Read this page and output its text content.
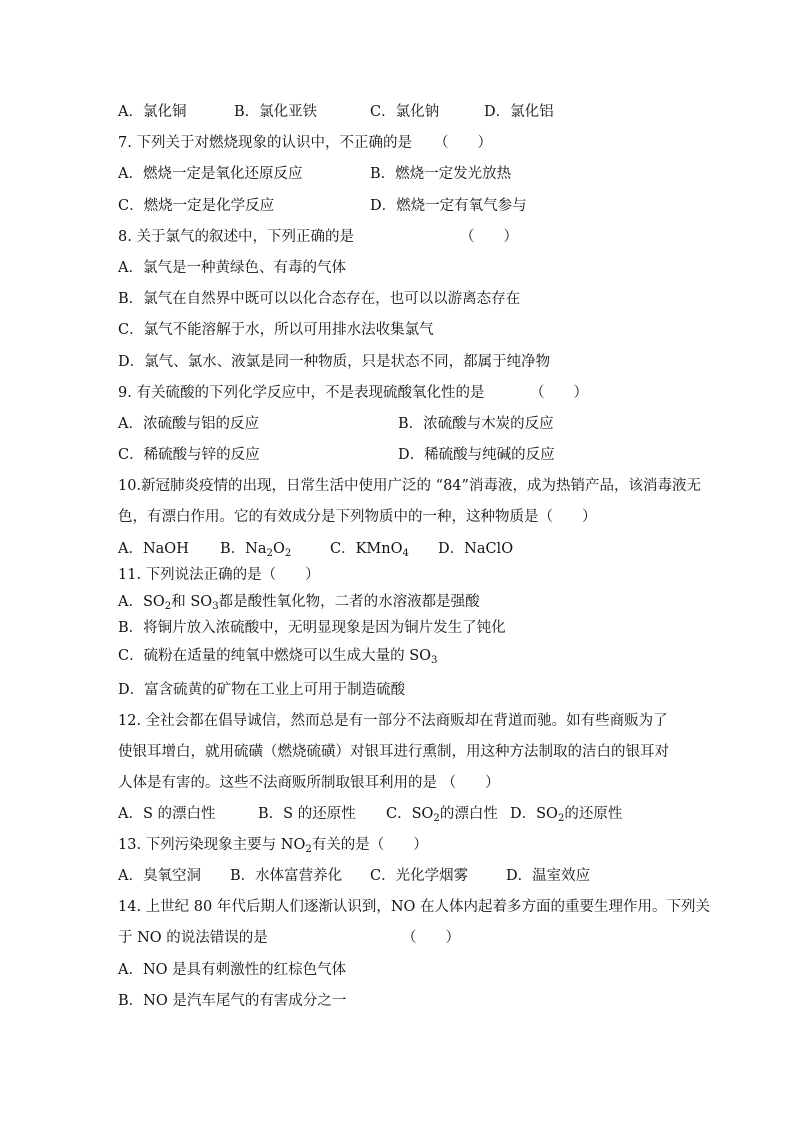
A．氯化铜	B．氯化亚铁	C．氯化钠	D．氯化铝
7. 下列关于对燃烧现象的认识中，不正确的是 （　　）
A．燃烧一定是氧化还原反应	B．燃烧一定发光放热
C．燃烧一定是化学反应	D．燃烧一定有氧气参与
8. 关于氯气的叙述中，下列正确的是	（　　）
A．氯气是一种黄绿色、有毒的气体
B．氯气在自然界中既可以以化合态存在，也可以以游离态存在
C．氯气不能溶解于水，所以可用排水法收集氯气
D．氯气、氯水、液氯是同一种物质，只是状态不同，都属于纯净物
9. 有关硫酸的下列化学反应中，不是表现硫酸氧化性的是	（　　）
A．浓硫酸与铝的反应	B．浓硫酸与木炭的反应
C．稀硫酸与锌的反应	D．稀硫酸与纯碱的反应
10.新冠肺炎疫情的出现，日常生活中使用广泛的 “84”消毒液，成为热销产品，该消毒液无
色，有漂白作用。它的有效成分是下列物质中的一种，这种物质是（　　）
A．NaOH B．$Na_2O_2$	C．KMnO$_4$ D．NaClO
11. 下列说法正确的是（　　）
A．$SO_2$和 $SO_3$都是酸性氧化物，二者的水溶液都是强酸
B．将铜片放入浓硫酸中，无明显现象是因为铜片发生了钝化
C．硫粉在适量的纯氧中燃烧可以生成大量的 $SO_3$
D．富含硫黄的矿物在工业上可用于制造硫酸
12. 全社会都在倡导诚信，然而总是有一部分不法商贩却在背道而驰。如有些商贩为了
使银耳增白，就用硫磺（燃烧硫磺）对银耳进行熏制，用这种方法制取的洁白的银耳对
人体是有害的。这些不法商贩所制取银耳利用的是 （　　）
A．S 的漂白性	B．S 的还原性 C．$SO_2$的漂白性 D．$SO_2$的还原性
13. 下列污染现象主要与 $NO_2$有关的是（　　）
A．臭氧空洞 B．水体富营养化 C．光化学烟雾	D．温室效应
14. 上世纪 80 年代后期人们逐渐认识到，NO 在人体内起着多方面的重要生理作用。下列关
于 NO 的说法错误的是	（　　）
A．NO 是具有刺激性的红棕色气体
B．NO 是汽车尾气的有害成分之一
